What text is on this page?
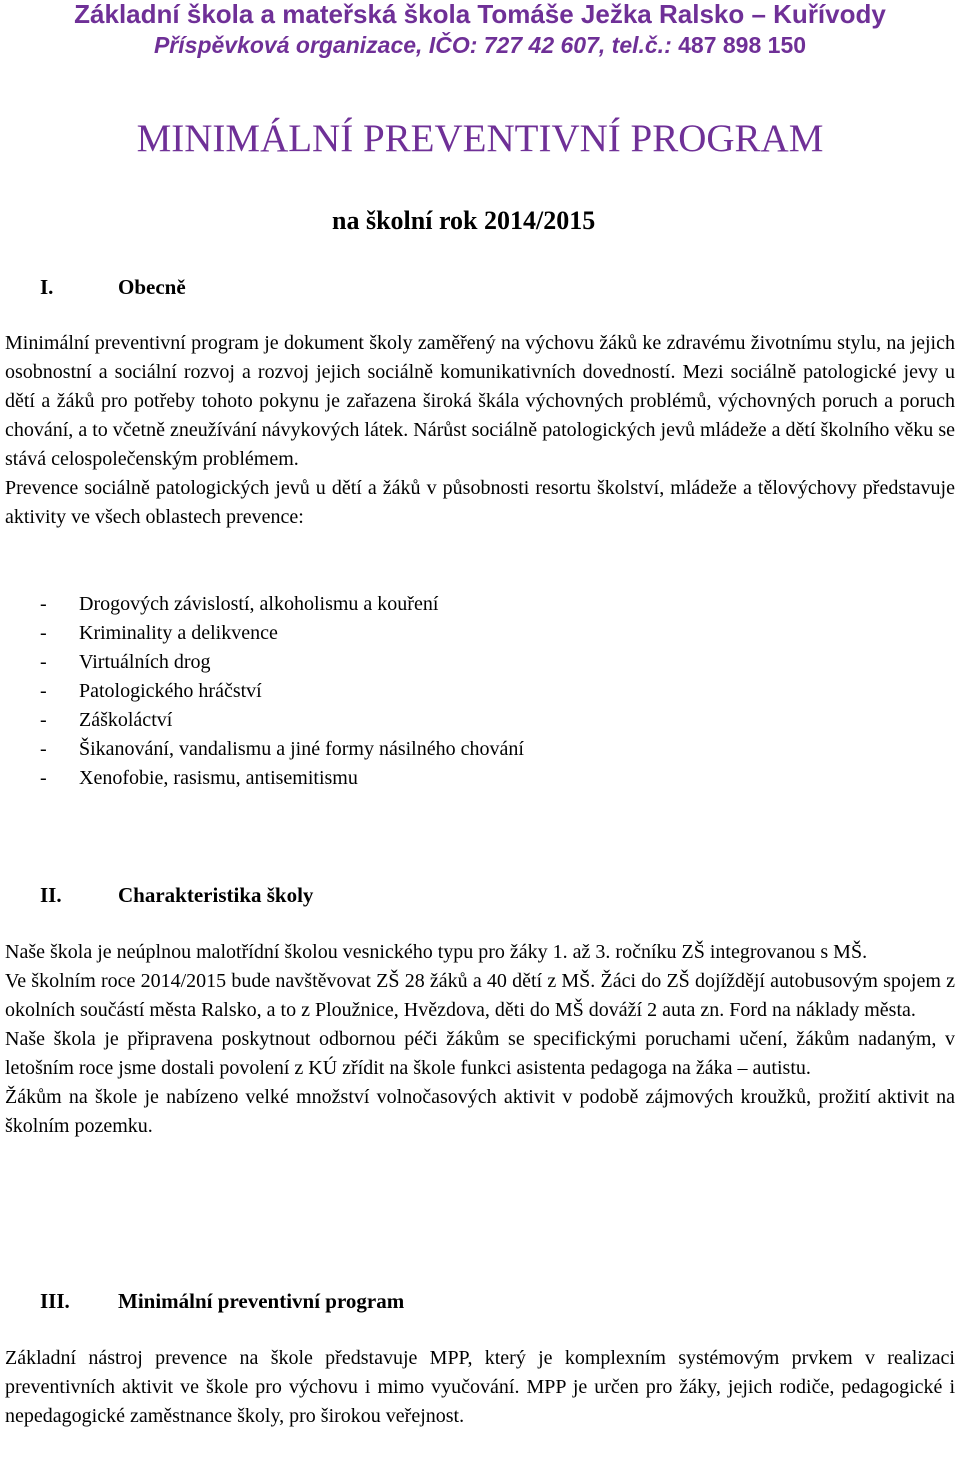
Základní škola a mateřská škola Tomáše Ježka Ralsko – Kuřívody
Příspěvková organizace, IČO: 727 42 607, tel.č.: 487 898 150
MINIMÁLNÍ PREVENTIVNÍ PROGRAM
na školní rok 2014/2015
I.	Obecně

Minimální preventivní program je dokument školy zaměřený na výchovu žáků ke zdravému životnímu stylu, na jejich osobnostní a sociální rozvoj a rozvoj jejich sociálně komunikativních dovedností. Mezi sociálně patologické jevy u dětí a žáků pro potřeby tohoto pokynu je zařazena široká škála výchovných problémů, výchovných poruch a poruch chování, a to včetně zneužívání návykových látek. Nárůst sociálně patologických jevů mládeže a dětí školního věku se stává celospolečenským problémem.

Prevence sociálně patologických jevů u dětí a žáků v působnosti resortu školství, mládeže a tělovýchovy představuje aktivity ve všech oblastech prevence:

- Drogových závislostí, alkoholismu a kouření
- Kriminality a delikvence
- Virtuálních drog
- Patologického hráčství
- Záškoláctví
- Šikanování, vandalismu a jiné formy násilného chování
- Xenofobie, rasismu, antisemitismu
II.	Charakteristika školy

Naše škola je neúplnou malotřídní školou vesnického typu pro žáky 1. až 3. ročníku ZŠ integrovanou s MŠ.

Ve školním roce 2014/2015 bude navštěvovat ZŠ 28 žáků a 40 dětí z MŠ. Žáci do ZŠ dojíždějí autobusovým spojem z okolních součástí města Ralsko, a to z Ploužnice, Hvězdova, děti do MŠ dováží 2 auta zn. Ford na náklady města.

Naše škola je připravena poskytnout odbornou péči žákům se specifickými poruchami učení, žákům nadaným, v letošním roce jsme dostali povolení z KÚ zřídit na škole funkci asistenta pedagoga na žáka – autistu.

Žákům na škole je nabízeno velké množství volnočasových aktivit v podobě zájmových kroužků, prožití aktivit na školním pozemku.

III. Minimální preventivní program

Základní nástroj prevence na škole představuje MPP, který je komplexním systémovým prvkem v realizaci preventivních aktivit ve škole pro výchovu i mimo vyučování. MPP je určen pro žáky, jejich rodiče, pedagogické i nepedagogické zaměstnance školy, pro širokou veřejnost.
